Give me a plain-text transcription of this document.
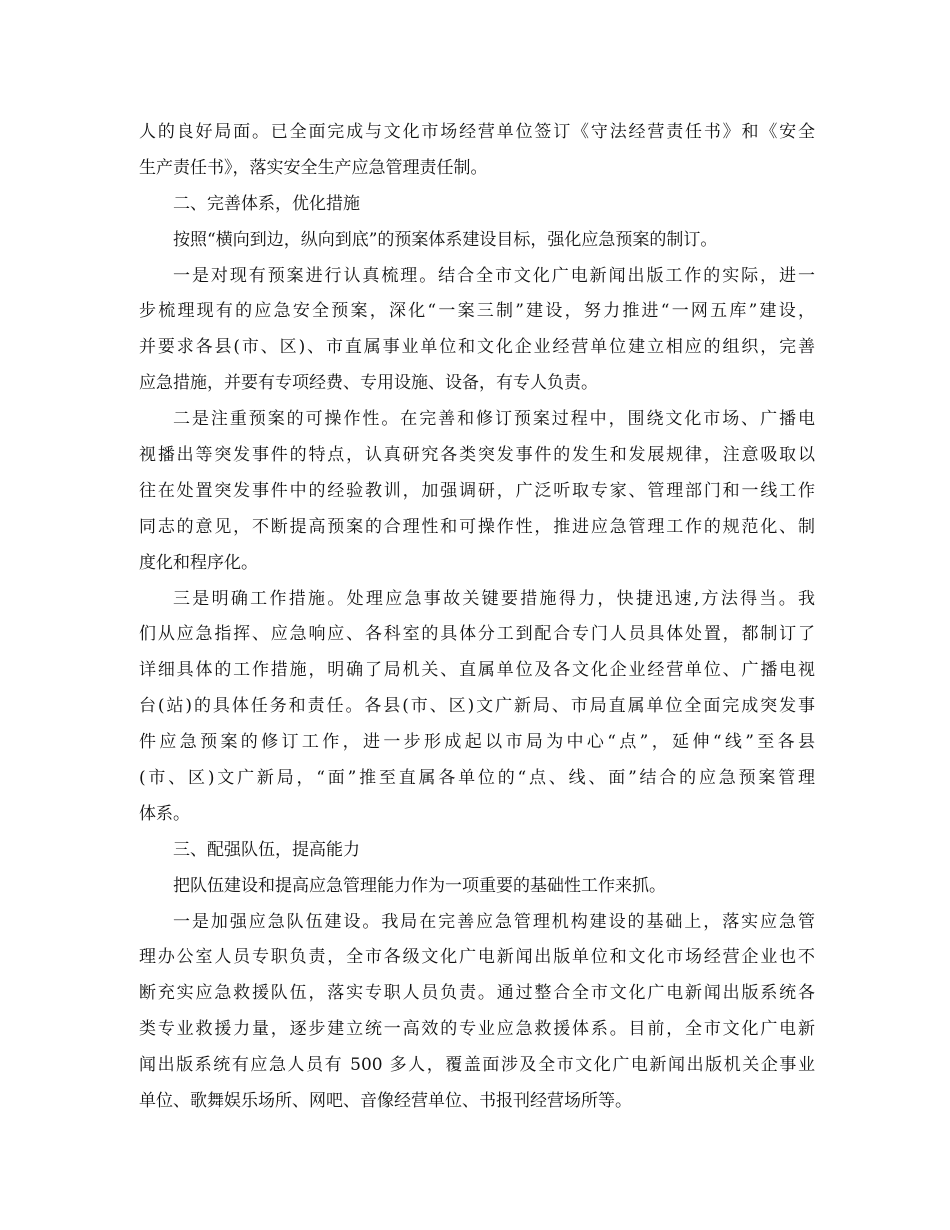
人的良好局面。已全面完成与文化市场经营单位签订《守法经营责任书》和《安全
生产责任书》，落实安全生产应急管理责任制。
二、完善体系，优化措施
按照“横向到边，纵向到底”的预案体系建设目标，强化应急预案的制订。
一是对现有预案进行认真梳理。结合全市文化广电新闻出版工作的实际，进一
步梳理现有的应急安全预案，深化“一案三制”建设，努力推进“一网五库”建设，
并要求各县(市、区)、市直属事业单位和文化企业经营单位建立相应的组织，完善
应急措施，并要有专项经费、专用设施、设备，有专人负责。
二是注重预案的可操作性。在完善和修订预案过程中，围绕文化市场、广播电
视播出等突发事件的特点，认真研究各类突发事件的发生和发展规律，注意吸取以
往在处置突发事件中的经验教训，加强调研，广泛听取专家、管理部门和一线工作
同志的意见，不断提高预案的合理性和可操作性，推进应急管理工作的规范化、制
度化和程序化。
三是明确工作措施。处理应急事故关键要措施得力，快捷迅速,方法得当。我
们从应急指挥、应急响应、各科室的具体分工到配合专门人员具体处置，都制订了
详细具体的工作措施，明确了局机关、直属单位及各文化企业经营单位、广播电视
台(站)的具体任务和责任。各县(市、区)文广新局、市局直属单位全面完成突发事
件应急预案的修订工作，进一步形成起以市局为中心“点”，延伸“线”至各县
(市、区)文广新局，“面”推至直属各单位的“点、线、面”结合的应急预案管理
体系。
三、配强队伍，提高能力
把队伍建设和提高应急管理能力作为一项重要的基础性工作来抓。
一是加强应急队伍建设。我局在完善应急管理机构建设的基础上，落实应急管
理办公室人员专职负责，全市各级文化广电新闻出版单位和文化市场经营企业也不
断充实应急救援队伍，落实专职人员负责。通过整合全市文化广电新闻出版系统各
类专业救援力量，逐步建立统一高效的专业应急救援体系。目前，全市文化广电新
闻出版系统有应急人员有 500 多人，覆盖面涉及全市文化广电新闻出版机关企事业
单位、歌舞娱乐场所、网吧、音像经营单位、书报刊经营场所等。
